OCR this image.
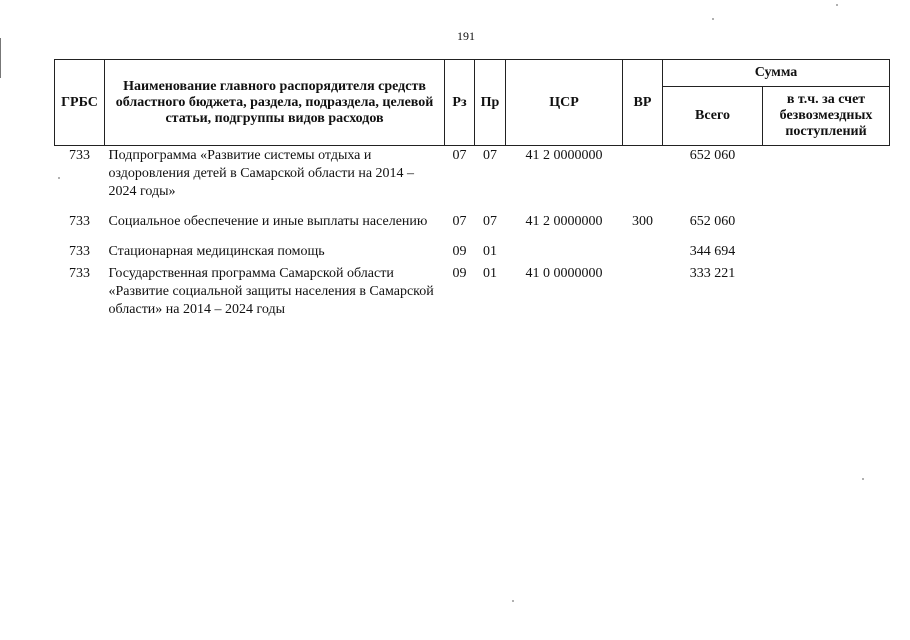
191
ГРБС	Наименование главного распорядителя средств областного бюджета, раздела, подраздела, целевой статьи, подгруппы видов расходов	Рз	Пр	ЦСР	ВР	Сумма	
						Всего	в т.ч. за счет безвозмездных поступлений
733	Подпрограмма «Развитие системы отдыха и оздоровления детей в Самарской области на 2014 – 2024 годы»	07	07	41 2 0000000		652 060	
733	Социальное обеспечение и иные выплаты населению	07	07	41 2 0000000	300	652 060	
733	Стационарная медицинская помощь	09	01			344 694	
733	Государственная программа Самарской области «Развитие социальной защиты населения в Самарской области» на 2014 – 2024 годы	09	01	41 0 0000000		333 221	
